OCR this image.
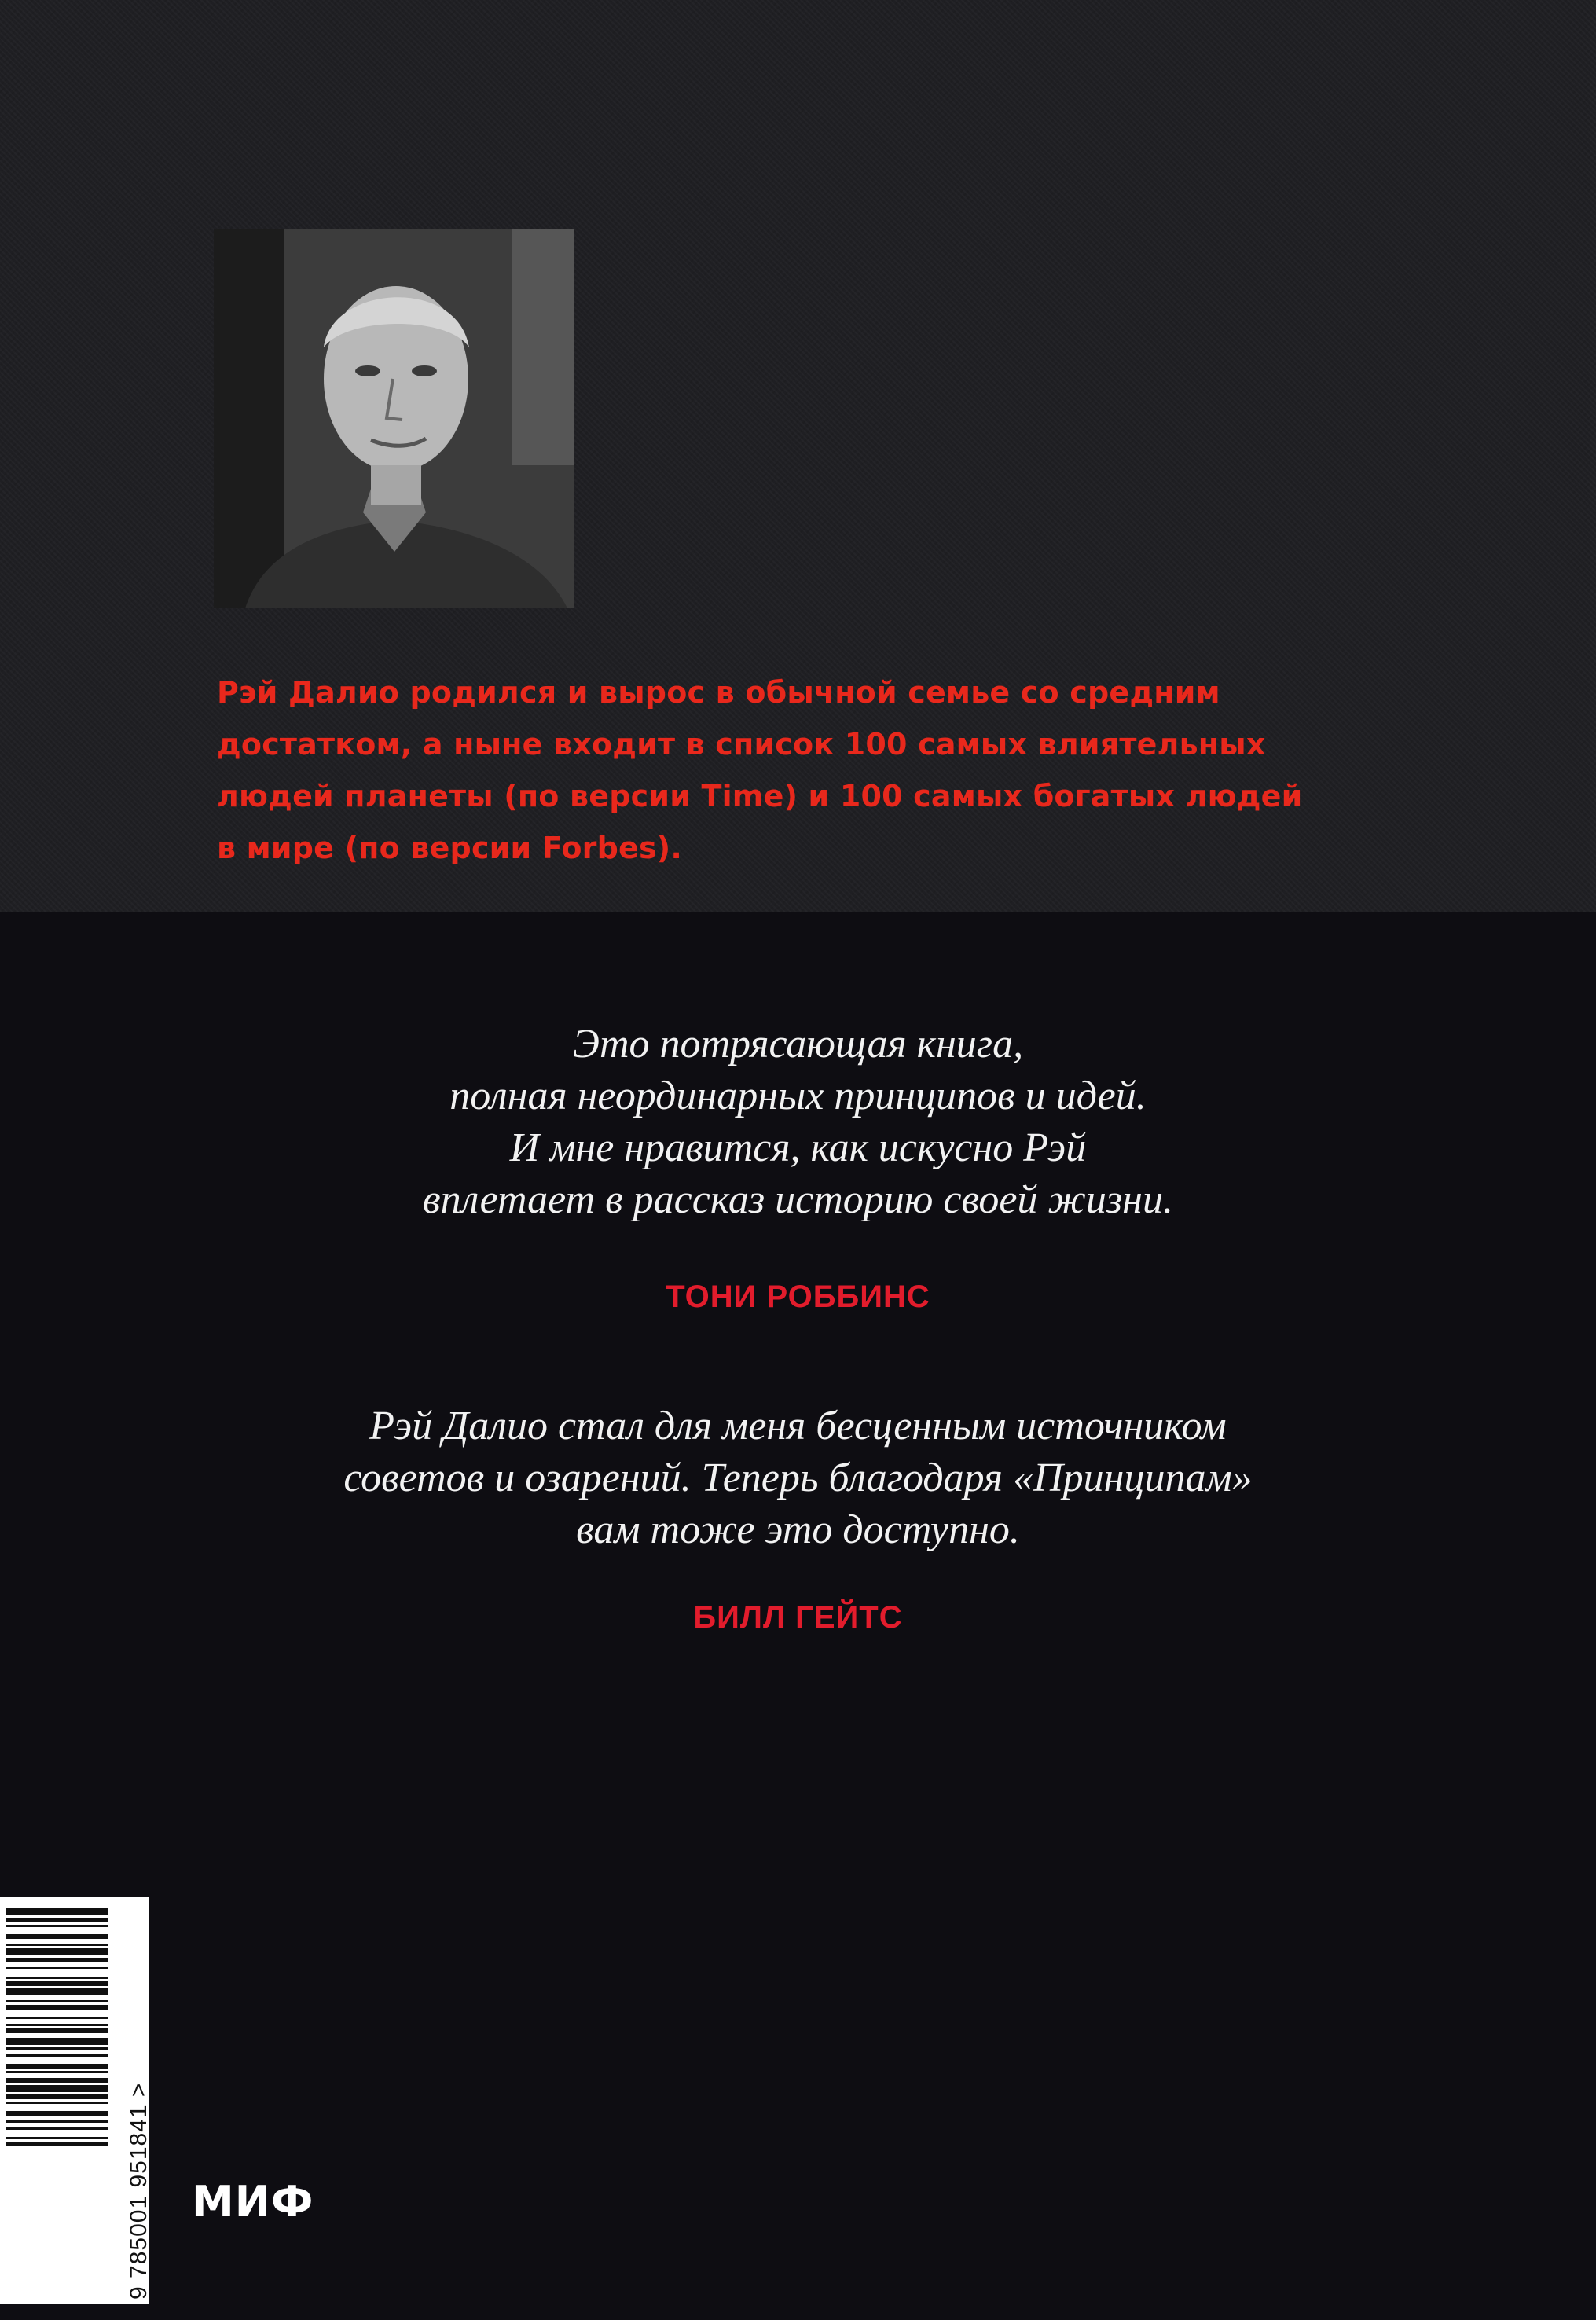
Рэй Далио родился и вырос в обычной семье со средним
достатком, а ныне входит в список 100 самых влиятельных
людей планеты (по версии Time) и 100 самых богатых людей
в мире (по версии Forbes).

Это потрясающая книга,
полная неординарных принципов и идей.
И мне нравится, как искусно Рэй
вплетает в рассказ историю своей жизни.

ТОНИ РОББИНС

Рэй Далио стал для меня бесценным источником
советов и озарений. Теперь благодаря «Принципам»
вам тоже это доступно.

БИЛЛ ГЕЙТС
9 785001 951841 > МИФ
